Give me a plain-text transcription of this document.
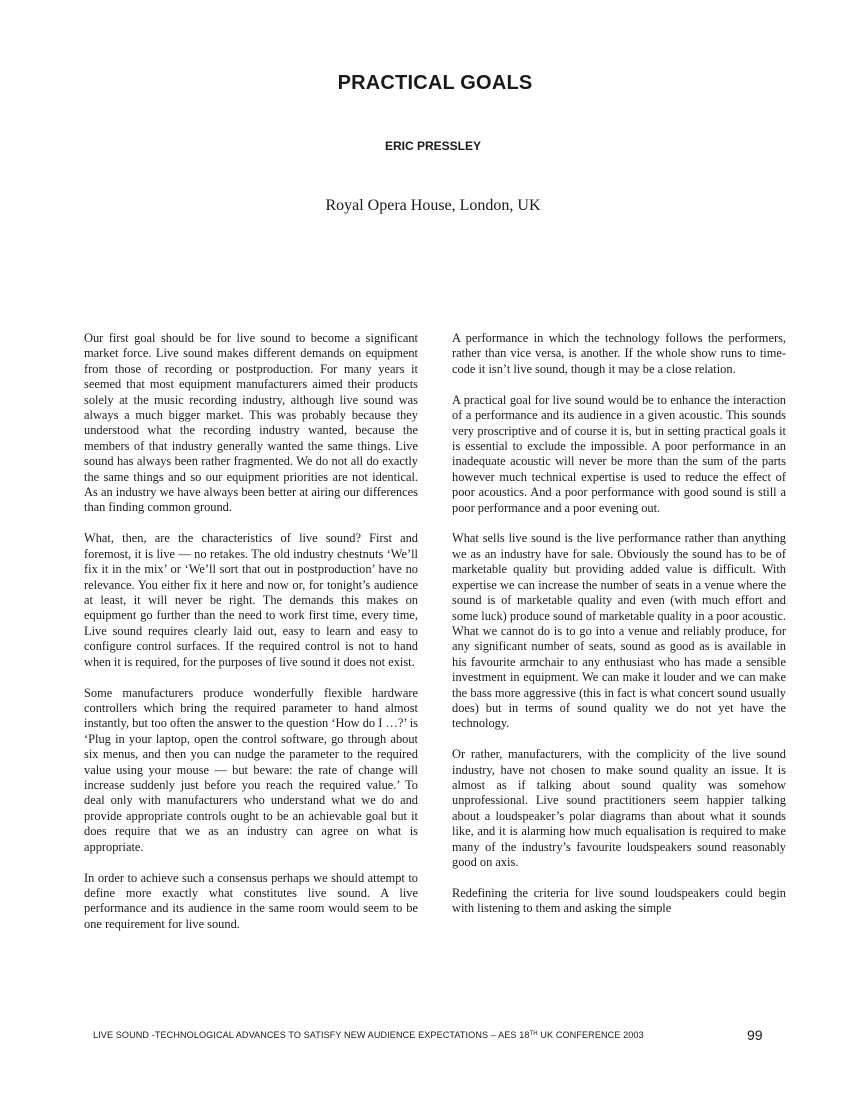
PRACTICAL GOALS
ERIC PRESSLEY
Royal Opera House, London, UK

Our first goal should be for live sound to become a significant market force. Live sound makes different demands on equipment from those of recording or postproduction. For many years it seemed that most equipment manufacturers aimed their products solely at the music recording industry, although live sound was always a much bigger market. This was probably because they understood what the recording industry wanted, because the members of that industry generally wanted the same things. Live sound has always been rather fragmented. We do not all do exactly the same things and so our equipment priorities are not identical. As an industry we have always been better at airing our differences than finding common ground.

What, then, are the characteristics of live sound? First and foremost, it is live — no retakes. The old industry chestnuts ‘We’ll fix it in the mix’ or ‘We’ll sort that out in postproduction’ have no relevance. You either fix it here and now or, for tonight’s audience at least, it will never be right. The demands this makes on equipment go further than the need to work first time, every time, Live sound requires clearly laid out, easy to learn and easy to configure control surfaces. If the required control is not to hand when it is required, for the purposes of live sound it does not exist.

Some manufacturers produce wonderfully flexible hardware controllers which bring the required parameter to hand almost instantly, but too often the answer to the question ‘How do I …?’ is ‘Plug in your laptop, open the control software, go through about six menus, and then you can nudge the parameter to the required value using your mouse — but beware: the rate of change will increase suddenly just before you reach the required value.’ To deal only with manufacturers who understand what we do and provide appropriate controls ought to be an achievable goal but it does require that we as an industry can agree on what is appropriate.

In order to achieve such a consensus perhaps we should attempt to define more exactly what constitutes live sound. A live performance and its audience in the same room would seem to be one requirement for live sound.

A performance in which the technology follows the performers, rather than vice versa, is another. If the whole show runs to time-code it isn’t live sound, though it may be a close relation.

A practical goal for live sound would be to enhance the interaction of a performance and its audience in a given acoustic. This sounds very proscriptive and of course it is, but in setting practical goals it is essential to exclude the impossible. A poor performance in an inadequate acoustic will never be more than the sum of the parts however much technical expertise is used to reduce the effect of poor acoustics. And a poor performance with good sound is still a poor performance and a poor evening out.

What sells live sound is the live performance rather than anything we as an industry have for sale. Obviously the sound has to be of marketable quality but providing added value is difficult. With expertise we can increase the number of seats in a venue where the sound is of marketable quality and even (with much effort and some luck) produce sound of marketable quality in a poor acoustic. What we cannot do is to go into a venue and reliably produce, for any significant number of seats, sound as good as is available in his favourite armchair to any enthusiast who has made a sensible investment in equipment. We can make it louder and we can make the bass more aggressive (this in fact is what concert sound usually does) but in terms of sound quality we do not yet have the technology.

Or rather, manufacturers, with the complicity of the live sound industry, have not chosen to make sound quality an issue. It is almost as if talking about sound quality was somehow unprofessional. Live sound practitioners seem happier talking about a loudspeaker’s polar diagrams than about what it sounds like, and it is alarming how much equalisation is required to make many of the industry’s favourite loudspeakers sound reasonably good on axis.

Redefining the criteria for live sound loudspeakers could begin with listening to them and asking the simple

LIVE SOUND -TECHNOLOGICAL ADVANCES TO SATISFY NEW AUDIENCE EXPECTATIONS – AES 18TH UK CONFERENCE 2003	99
